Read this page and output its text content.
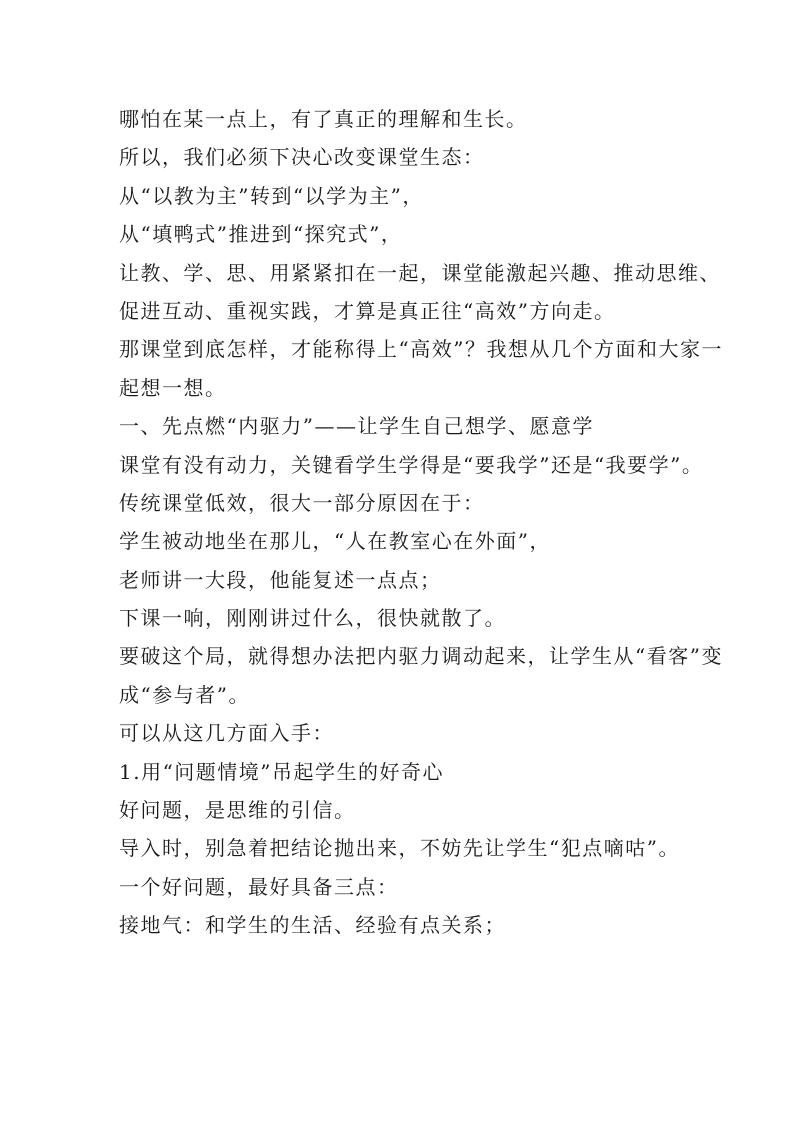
哪怕在某一点上，有了真正的理解和生长。
所以，我们必须下决心改变课堂生态：
从“以教为主”转到“以学为主”，
从“填鸭式”推进到“探究式”，
让教、学、思、用紧紧扣在一起，课堂能激起兴趣、推动思维、
促进互动、重视实践，才算是真正往“高效”方向走。
那课堂到底怎样，才能称得上“高效”？我想从几个方面和大家一
起想一想。
一、先点燃“内驱力”——让学生自己想学、愿意学
课堂有没有动力，关键看学生学得是“要我学”还是“我要学”。
传统课堂低效，很大一部分原因在于：
学生被动地坐在那儿，“人在教室心在外面”，
老师讲一大段，他能复述一点点；
下课一响，刚刚讲过什么，很快就散了。
要破这个局，就得想办法把内驱力调动起来，让学生从“看客”变
成“参与者”。
可以从这几方面入手：
1.用“问题情境”吊起学生的好奇心
好问题，是思维的引信。
导入时，别急着把结论抛出来，不妨先让学生“犯点嘀咕”。
一个好问题，最好具备三点：
接地气：和学生的生活、经验有点关系；
